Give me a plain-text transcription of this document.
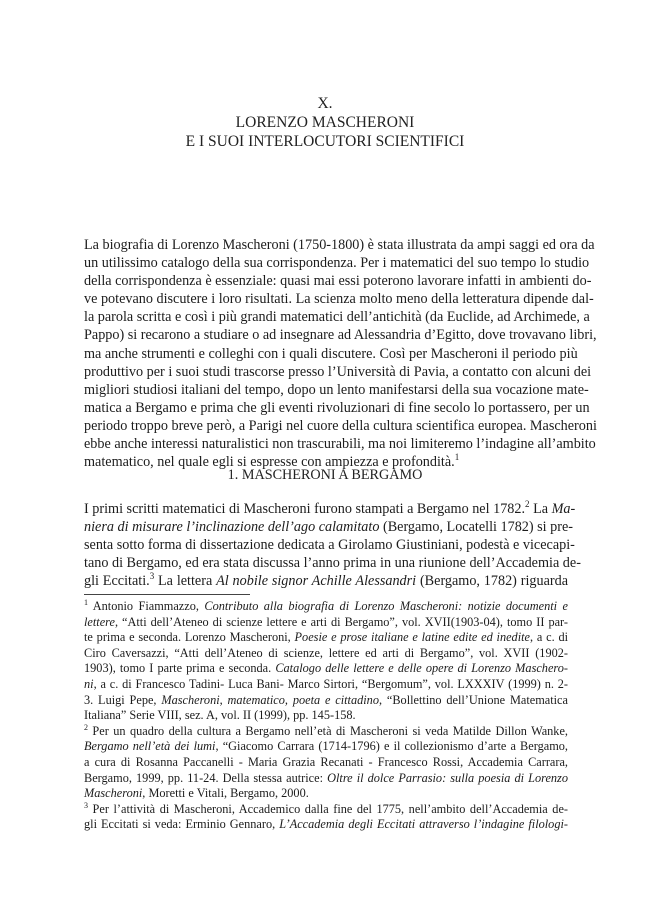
X.
LORENZO MASCHERONI
E I SUOI INTERLOCUTORI SCIENTIFICI
La biografia di Lorenzo Mascheroni (1750-1800) è stata illustrata da ampi saggi ed ora da
un utilissimo catalogo della sua corrispondenza. Per i matematici del suo tempo lo studio
della corrispondenza è essenziale: quasi mai essi poterono lavorare infatti in ambienti do-
ve potevano discutere i loro risultati. La scienza molto meno della letteratura dipende dal-
la parola scritta e così i più grandi matematici dell’antichità (da Euclide, ad Archimede, a
Pappo) si recarono a studiare o ad insegnare ad Alessandria d’Egitto, dove trovavano libri,
ma anche strumenti e colleghi con i quali discutere. Così per Mascheroni il periodo più
produttivo per i suoi studi trascorse presso l’Università di Pavia, a contatto con alcuni dei
migliori studiosi italiani del tempo, dopo un lento manifestarsi della sua vocazione mate-
matica a Bergamo e prima che gli eventi rivoluzionari di fine secolo lo portassero, per un
periodo troppo breve però, a Parigi nel cuore della cultura scientifica europea. Mascheroni
ebbe anche interessi naturalistici non trascurabili, ma noi limiteremo l’indagine all’ambito
matematico, nel quale egli si espresse con ampiezza e profondità.$^1$
1. MASCHERONI A BERGAMO
I primi scritti matematici di Mascheroni furono stampati a Bergamo nel 1782.$^2$ La Ma-
niera di misurare l’inclinazione dell’ago calamitato (Bergamo, Locatelli 1782) si pre-
senta sotto forma di dissertazione dedicata a Girolamo Giustiniani, podestà e vicecapi-
tano di Bergamo, ed era stata discussa l’anno prima in una riunione dell’Accademia de-
gli Eccitati.$^3$ La lettera Al nobile signor Achille Alessandri (Bergamo, 1782) riguarda
$^1$ Antonio Fiammazzo, Contributo alla biografia di Lorenzo Mascheroni: notizie documenti e
lettere, “Atti dell’Ateneo di scienze lettere e arti di Bergamo”, vol. XVII(1903-04), tomo II par-
te prima e seconda. Lorenzo Mascheroni, Poesie e prose italiane e latine edite ed inedite, a c. di
Ciro Caversazzi, “Atti dell’Ateneo di scienze, lettere ed arti di Bergamo”, vol. XVII (1902-
1903), tomo I parte prima e seconda. Catalogo delle lettere e delle opere di Lorenzo Maschero-
ni, a c. di Francesco Tadini- Luca Bani- Marco Sirtori, “Bergomum”, vol. LXXXIV (1999) n. 2-
3. Luigi Pepe, Mascheroni, matematico, poeta e cittadino, “Bollettino dell’Unione Matematica
Italiana” Serie VIII, sez. A, vol. II (1999), pp. 145-158.
$^2$ Per un quadro della cultura a Bergamo nell’età di Mascheroni si veda Matilde Dillon Wanke,
Bergamo nell’età dei lumi, “Giacomo Carrara (1714-1796) e il collezionismo d’arte a Bergamo,
a cura di Rosanna Paccanelli - Maria Grazia Recanati - Francesco Rossi, Accademia Carrara,
Bergamo, 1999, pp. 11-24. Della stessa autrice: Oltre il dolce Parrasio: sulla poesia di Lorenzo
Mascheroni, Moretti e Vitali, Bergamo, 2000.
$^3$ Per l’attività di Mascheroni, Accademico dalla fine del 1775, nell’ambito dell’Accademia de-
gli Eccitati si veda: Erminio Gennaro, L’Accademia degli Eccitati attraverso l’indagine filologi-
